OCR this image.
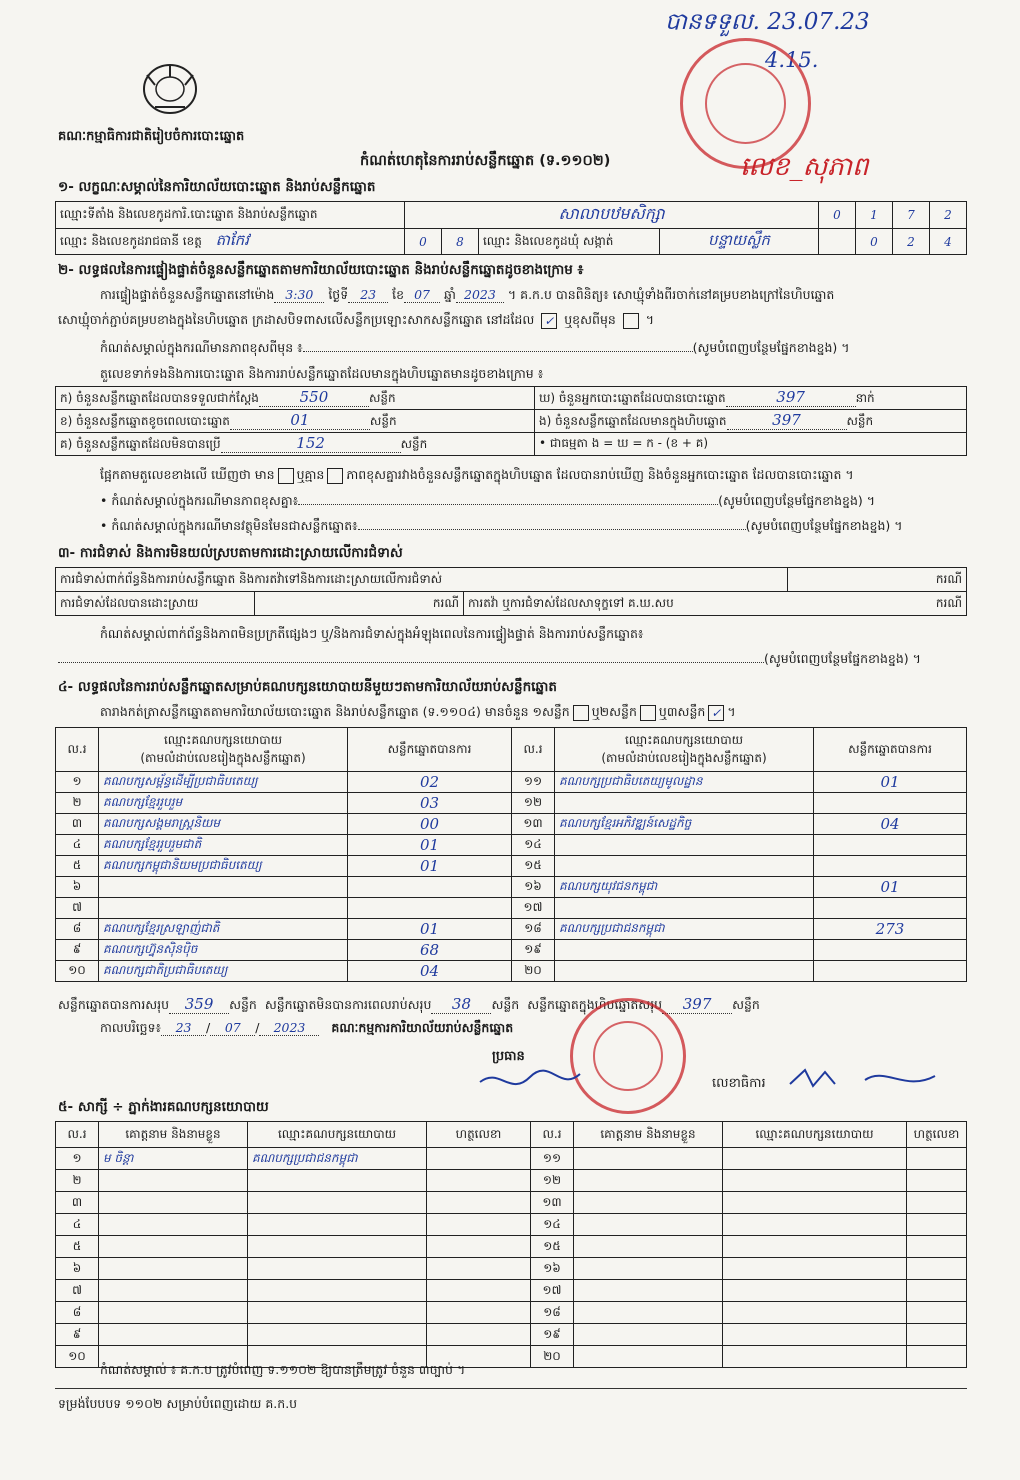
គណៈ​កម្មាធិការ​ជាតិ​រៀបចំ​ការ​បោះឆ្នោត
កំណត់​ហេតុ​នៃ​ការ​រាប់​សន្លឹក​ឆ្នោត (ទ.១១០២)
បានទទួល. 23.07.23
4.15.
លេខ_សុភាព
១- លក្ខណៈ​សម្គាល់​នៃ​ការិយាល័យ​បោះឆ្នោត និង​រាប់​សន្លឹក​ឆ្នោត
ឈ្មោះ​ទីតាំង និង​លេខ​កូដ​ការិ.​បោះឆ្នោត និង​រាប់​សន្លឹក​ឆ្នោត	សាលាបឋមសិក្សា				0	1	7	2
ឈ្មោះ និង​លេខ​កូដ​រាជធានី ខេត្ត តាកែវ	0	8	ឈ្មោះ និង​លេខ​កូដ​ឃុំ សង្កាត់	បន្ទាយស្លឹក		0	2	4
២- លទ្ធផល​នៃ​ការ​ផ្ទៀងផ្ទាត់​ចំនួន​សន្លឹក​ឆ្នោត​តាម​ការិយាល័យ​បោះឆ្នោត និង​រាប់​សន្លឹក​ឆ្នោត​ដូច​ខាង​ក្រោម ៖
ការ​ផ្ទៀងផ្ទាត់​ចំនួន​សន្លឹក​ឆ្នោត​នៅ​ម៉ោង 3:30 ថ្ងៃទី 23 ខែ 07 ឆ្នាំ 2023 ។ គ.ក.ប បាន​ពិនិត្យ៖ សោ​ឃ្មុំ​ទាំង​ពីរ​ចាក់​នៅ​គម្រប​ខាង​ក្រៅ​នៃ​ហិប​ឆ្នោត
សោ​ឃ្មុំ​ចាក់​ភ្ជាប់​គម្រប​ខាង​ក្នុង​នៃ​ហិប​ឆ្នោត ក្រដាស​បិទ​ពាស​លើ​សន្លឹក​ប្រឡោះ​សាក​សន្លឹក​ឆ្នោត នៅ​ដដែល ✓ ឬ​ខុស​ពី​មុន  ។
កំណត់​សម្គាល់​ក្នុង​ករណី​មាន​ភាព​ខុស​ពី​មុន ៖	(សូម​បំពេញ​បន្ថែម​ផ្នែក​ខាង​ខ្នង) ។
តួលេខ​ទាក់ទង​និង​ការ​បោះឆ្នោត និង​ការ​រាប់​សន្លឹក​ឆ្នោត​ដែល​មាន​ក្នុង​ហិប​ឆ្នោត​មាន​ដូច​ខាង​ក្រោម ៖
ក) ចំនួន​សន្លឹក​ឆ្នោត​ដែល​បាន​ទទួល​ជាក់ស្ដែង 550 សន្លឹក	ឃ) ចំនួន​អ្នក​បោះឆ្នោត​ដែល​បាន​បោះឆ្នោត 397 នាក់
ខ) ចំនួន​សន្លឹក​ឆ្នោត​ខូច​ពេល​បោះឆ្នោត 01 សន្លឹក	ង) ចំនួន​សន្លឹក​ឆ្នោត​ដែល​មាន​ក្នុង​ហិប​ឆ្នោត 397 សន្លឹក
គ) ចំនួន​សន្លឹក​ឆ្នោត​ដែល​មិន​បាន​ប្រើ 152 សន្លឹក	• ជា​ធម្មតា ង = ឃ = ក - (ខ + គ)
ផ្អែក​តាម​តួលេខ​ខាង​លើ ឃើញ​ថា មាន ឬ​គ្មាន ភាព​ខុស​គ្នា​រវាង​ចំនួន​សន្លឹក​ឆ្នោត​ក្នុង​ហិប​ឆ្នោត ដែល​បាន​រាប់​ឃើញ និង​ចំនួន​អ្នក​បោះឆ្នោត ដែល​បាន​បោះឆ្នោត ។
• កំណត់​សម្គាល់​ក្នុង​ករណី​មាន​ភាព​ខុស​គ្នា៖	(សូម​បំពេញ​បន្ថែម​ផ្នែក​ខាង​ខ្នង) ។
• កំណត់​សម្គាល់​ក្នុង​ករណី​មាន​វត្ថុ​មិន​មែន​ជា​សន្លឹក​ឆ្នោត៖	(សូម​បំពេញ​បន្ថែម​ផ្នែក​ខាង​ខ្នង) ។
៣- ការ​ជំទាស់ និង​ការ​មិន​យល់​ស្រប​តាម​ការ​ដោះស្រាយ​លើ​ការ​ជំទាស់
ការ​ជំទាស់​ពាក់ព័ន្ធ​និង​ការ​រាប់​សន្លឹក​ឆ្នោត និង​ការ​តវ៉ា​ទៅ​និង​ការ​ដោះស្រាយ​លើ​ការ​ជំទាស់			ករណី
ការ​ជំទាស់​ដែល​បាន​ដោះស្រាយ	ករណី	ការ​តវ៉ា ឬ​ការ​ជំទាស់​ដែល​សាទុក្ខ​ទៅ គ.ឃ.សប ករណី	
កំណត់​សម្គាល់​ពាក់ព័ន្ធ​និង​ភាព​មិន​ប្រក្រតី​ផ្សេងៗ ឬ/និង​ការ​ជំទាស់​ក្នុង​អំឡុង​ពេល​នៃ​ការ​ផ្ទៀងផ្ទាត់ និង​ការ​រាប់​សន្លឹក​ឆ្នោត៖
(សូម​បំពេញ​បន្ថែម​ផ្នែក​ខាង​ខ្នង) ។
៤- លទ្ធផល​នៃ​ការ​រាប់​សន្លឹក​ឆ្នោត​សម្រាប់​គណបក្ស​នយោបាយ​នីមួយៗ​តាម​ការិយាល័យ​រាប់​សន្លឹក​ឆ្នោត
តារាង​កត់ត្រា​សន្លឹក​ឆ្នោត​តាម​ការិយាល័យ​បោះឆ្នោត និង​រាប់​សន្លឹក​ឆ្នោត (ទ.១១០៤) មាន​ចំនួន ១សន្លឹក ឬ២សន្លឹក ឬ៣សន្លឹក ✓ ។
ល.រ	ឈ្មោះ​គណបក្ស​នយោបាយ
(តាម​លំដាប់​លេខ​រៀង​ក្នុង​សន្លឹក​ឆ្នោត)	សន្លឹក​ឆ្នោត​បាន​ការ	ល.រ	ឈ្មោះ​គណបក្ស​នយោបាយ
(តាម​លំដាប់​លេខ​រៀង​ក្នុង​សន្លឹក​ឆ្នោត)	សន្លឹក​ឆ្នោត​បាន​ការ
១	គណបក្សសម្ព័ន្ធដើម្បីប្រជាធិបតេយ្យ	02	១១	គណបក្សប្រជាធិបតេយ្យមូលដ្ឋាន	01
២	គណបក្សខ្មែររួបរួម	03	១២		
៣	គណបក្សសង្គមរាស្ត្រនិយម	00	១៣	គណបក្សខ្មែរអភិវឌ្ឍន៍សេដ្ឋកិច្ច	04
៤	គណបក្សខ្មែររួបរួមជាតិ	01	១៤		
៥	គណបក្សកម្ពុជានិយមប្រជាធិបតេយ្យ	01	១៥		
៦			១៦	គណបក្សយុវជនកម្ពុជា	01
៧			១៧		
៨	គណបក្សខ្មែរស្រឡាញ់ជាតិ	01	១៨	គណបក្សប្រជាជនកម្ពុជា	273
៩	គណបក្សហ្វ៊ុនស៊ិនប៉ិច	68	១៩		
១០	គណបក្សជាតិប្រជាធិបតេយ្យ	04	២០		
សន្លឹក​ឆ្នោត​បាន​ការ​សរុប 359 សន្លឹក សន្លឹក​ឆ្នោត​មិន​បាន​ការ​ពេល​រាប់​សរុប 38 សន្លឹក សន្លឹក​ឆ្នោត​ក្នុង​ហិប​ឆ្នោត​សរុប 397 សន្លឹក
កាលបរិច្ឆេទ៖ 23 / 07 / 2023 គណៈ​កម្មការ​ការិយាល័យ​រាប់​សន្លឹក​ឆ្នោត
ប្រធាន
លេខាធិការ
៥- សាក្សី ÷ ភ្នាក់ងារ​គណបក្ស​នយោបាយ
ល.រ	គោត្តនាម និង​នាម​ខ្លួន	ឈ្មោះ​គណបក្ស​នយោបាយ	ហត្ថលេខា	ល.រ	គោត្តនាម និង​នាម​ខ្លួន	ឈ្មោះ​គណបក្ស​នយោបាយ	ហត្ថលេខា
១	ម ចិន្តា	គណបក្សប្រជាជនកម្ពុជា		១១			
២				១២			
៣				១៣			
៤				១៤			
៥				១៥			
៦				១៦			
៧				១៧			
៨				១៨			
៩				១៩			
១០				២០			
កំណត់​សម្គាល់ ៖ គ.ក.ប ត្រូវ​បំពេញ ទ.១១០២ ឱ្យ​បាន​ត្រឹមត្រូវ ចំនួន ៣​ច្បាប់ ។
ទម្រង់​បែបបទ ១១០២ សម្រាប់​បំពេញ​ដោយ គ.ក.ប
